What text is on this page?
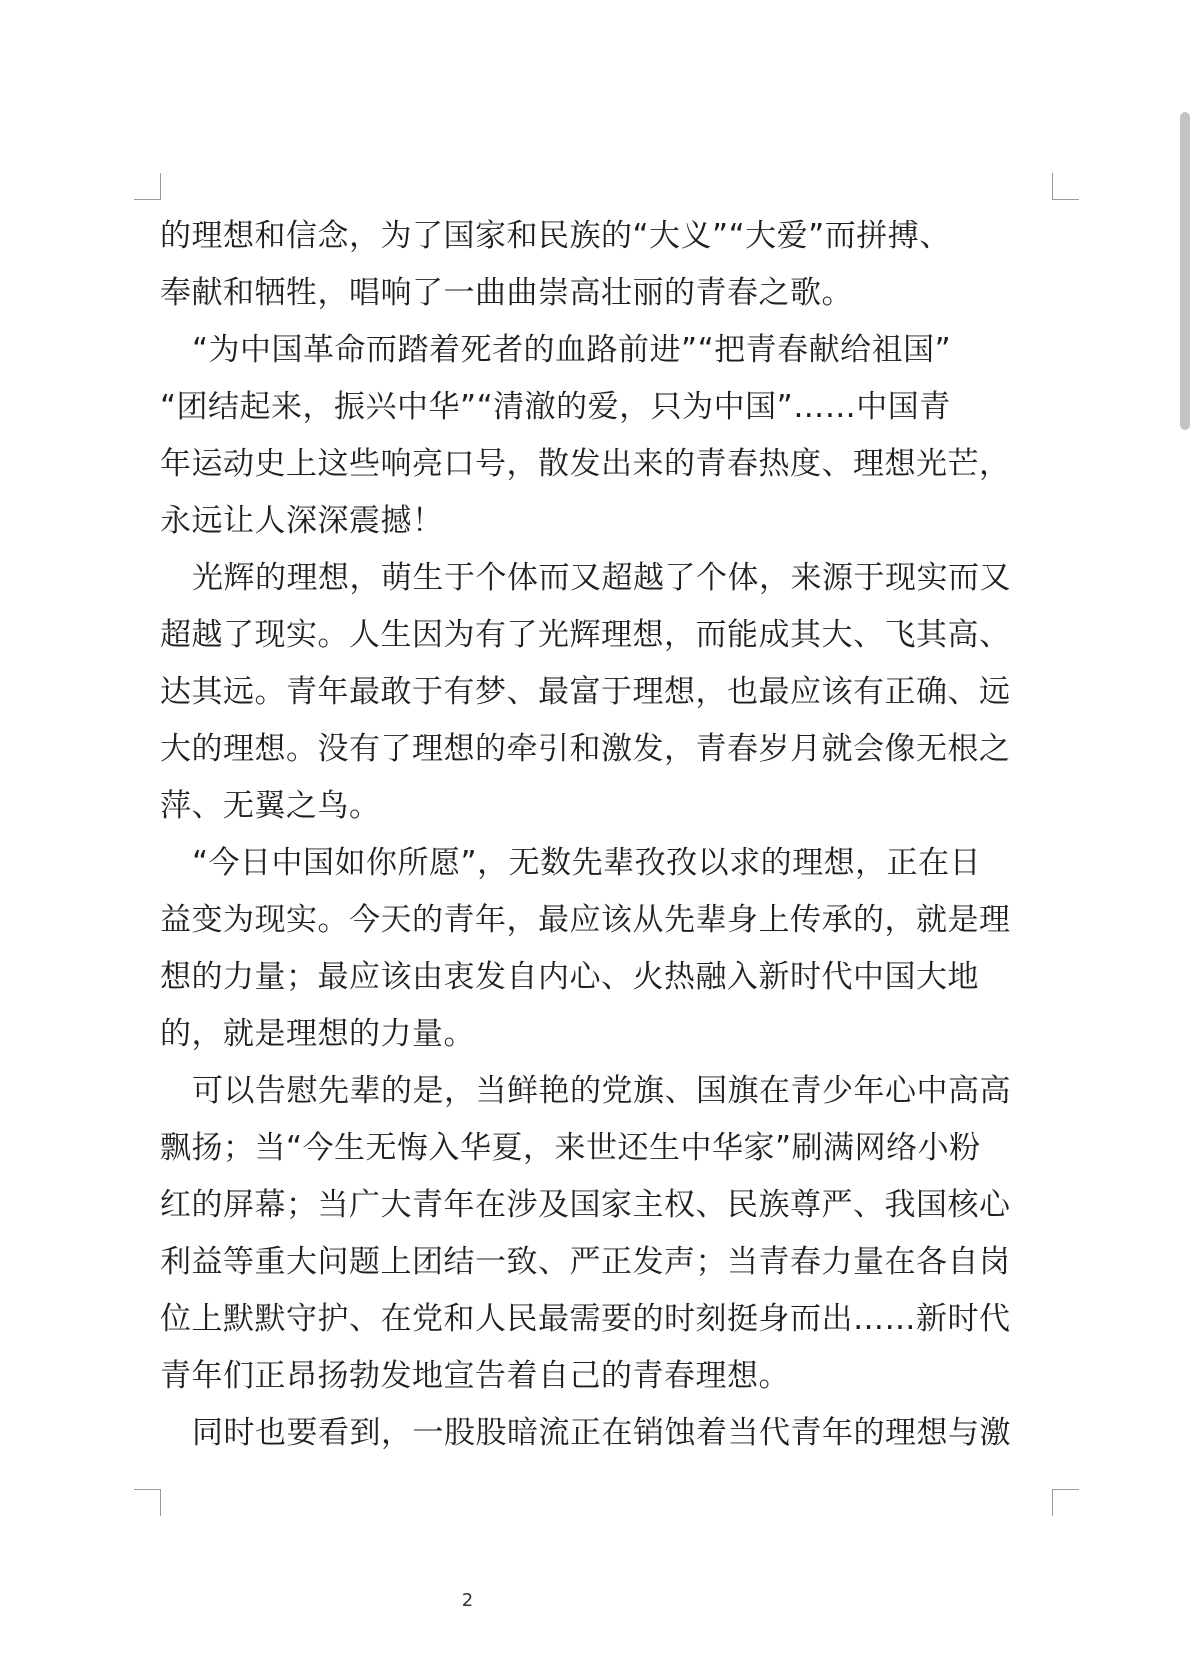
的理想和信念，为了国家和民族的“大义”“大爱”而拼搏、
奉献和牺牲，唱响了一曲曲崇高壮丽的青春之歌。
“为中国革命而踏着死者的血路前进”“把青春献给祖国”
“团结起来，振兴中华”“清澈的爱，只为中国”……中国青
年运动史上这些响亮口号，散发出来的青春热度、理想光芒，
永远让人深深震撼！
光辉的理想，萌生于个体而又超越了个体，来源于现实而又
超越了现实。人生因为有了光辉理想，而能成其大、飞其高、
达其远。青年最敢于有梦、最富于理想，也最应该有正确、远
大的理想。没有了理想的牵引和激发，青春岁月就会像无根之
萍、无翼之鸟。
“今日中国如你所愿”，无数先辈孜孜以求的理想，正在日
益变为现实。今天的青年，最应该从先辈身上传承的，就是理
想的力量；最应该由衷发自内心、火热融入新时代中国大地
的，就是理想的力量。
可以告慰先辈的是，当鲜艳的党旗、国旗在青少年心中高高
飘扬；当“今生无悔入华夏，来世还生中华家”刷满网络小粉
红的屏幕；当广大青年在涉及国家主权、民族尊严、我国核心
利益等重大问题上团结一致、严正发声；当青春力量在各自岗
位上默默守护、在党和人民最需要的时刻挺身而出……新时代
青年们正昂扬勃发地宣告着自己的青春理想。
同时也要看到，一股股暗流正在销蚀着当代青年的理想与激
2
